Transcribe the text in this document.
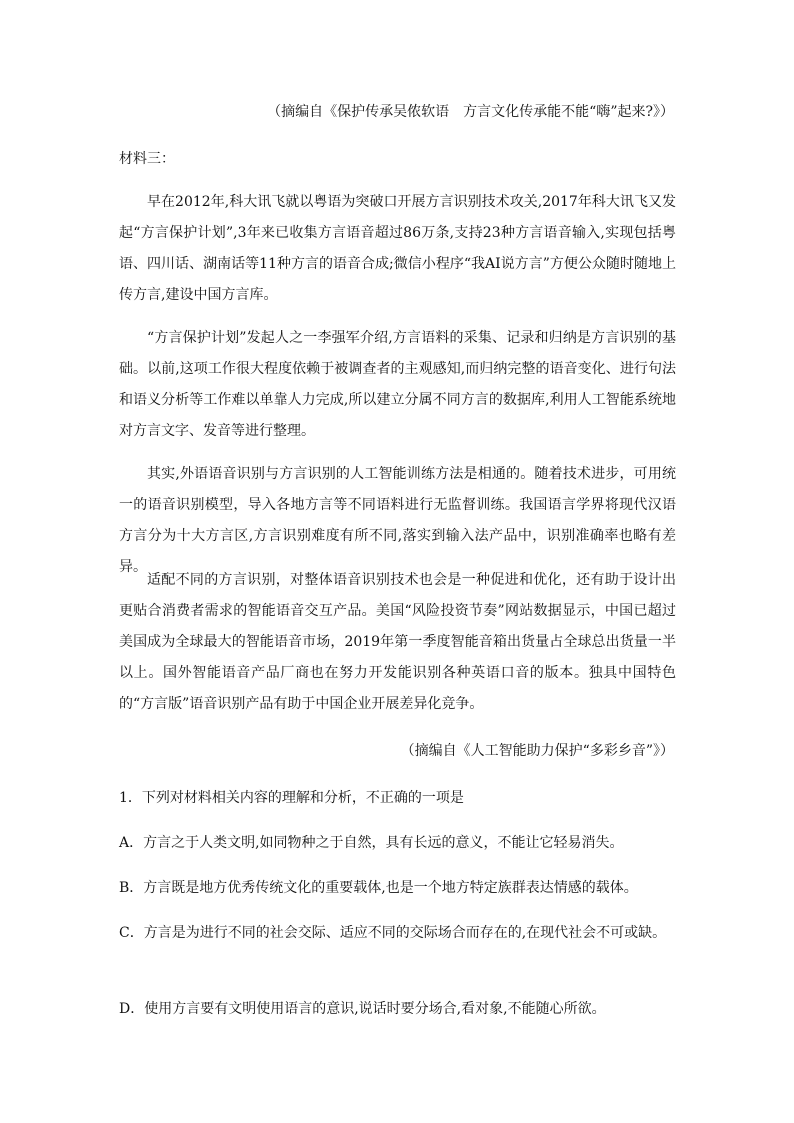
（摘编自《保护传承吴侬软语　方言文化传承能不能“嗨”起来?》）
材料三：

早在2012年,科大讯飞就以粤语为突破口开展方言识别技术攻关,2017年科大讯飞又发起“方言保护计划”,3年来已收集方言语音超过86万条,支持23种方言语音输入,实现包括粤语、四川话、湖南话等11种方言的语音合成;微信小程序“我AI说方言”方便公众随时随地上传方言,建设中国方言库。

“方言保护计划”发起人之一李强军介绍,方言语料的采集、记录和归纳是方言识别的基础。以前,这项工作很大程度依赖于被调查者的主观感知,而归纳完整的语音变化、进行句法和语义分析等工作难以单靠人力完成,所以建立分属不同方言的数据库,利用人工智能系统地对方言文字、发音等进行整理。

其实,外语语音识别与方言识别的人工智能训练方法是相通的。随着技术进步，可用统一的语音识别模型，导入各地方言等不同语料进行无监督训练。我国语言学界将现代汉语方言分为十大方言区,方言识别难度有所不同,落实到输入法产品中，识别准确率也略有差异。

适配不同的方言识别，对整体语音识别技术也会是一种促进和优化，还有助于设计出更贴合消费者需求的智能语音交互产品。美国“风险投资节奏”网站数据显示，中国已超过美国成为全球最大的智能语音市场，2019年第一季度智能音箱出货量占全球总出货量一半以上。国外智能语音产品厂商也在努力开发能识别各种英语口音的版本。独具中国特色的“方言版”语音识别产品有助于中国企业开展差异化竞争。

（摘编自《人工智能助力保护“多彩乡音”》）
1．下列对材料相关内容的理解和分析，不正确的一项是
A．方言之于人类文明,如同物种之于自然，具有长远的意义，不能让它轻易消失。
B．方言既是地方优秀传统文化的重要载体,也是一个地方特定族群表达情感的载体。
C．方言是为进行不同的社会交际、适应不同的交际场合而存在的,在现代社会不可或缺。
D．使用方言要有文明使用语言的意识,说话时要分场合,看对象,不能随心所欲。
